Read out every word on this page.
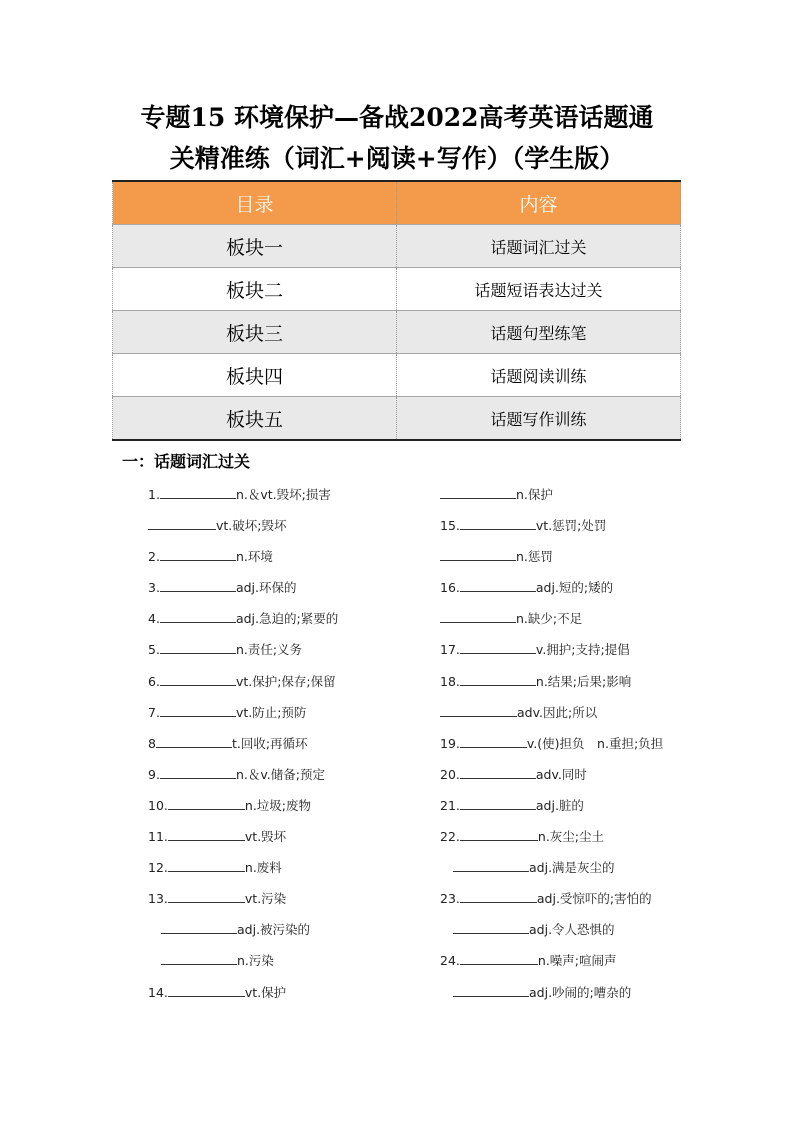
专题15 环境保护—备战2022高考英语话题通
关精准练（词汇+阅读+写作）（学生版）
目录	内容
板块一	话题词汇过关
板块二	话题短语表达过关
板块三	话题句型练笔
板块四	话题阅读训练
板块五	话题写作训练
一：话题词汇过关
1.	n.＆vt.毁坏;损害
vt.破坏;毁坏
2.	n.环境
3.	adj.环保的
4.	adj.急迫的;紧要的
5.	n.责任;义务
6.	vt.保护;保存;保留
7.	vt.防止;预防
8	t.回收;再循环
9.	n.＆v.储备;预定
10.	n.垃圾;废物
11.	vt.毁坏
12.	n.废料
13.	vt.污染
adj.被污染的
n.污染
14.	vt.保护
n.保护
15.	vt.惩罚;处罚
n.惩罚
16.	adj.短的;矮的
n.缺少;不足
17.	v.拥护;支持;提倡
18.	n.结果;后果;影响
adv.因此;所以
19.	v.(使)担负　n.重担;负担
20.	adv.同时
21.	adj.脏的
22.	n.灰尘;尘土
adj.满是灰尘的
23.	adj.受惊吓的;害怕的
adj.令人恐惧的
24.	n.噪声;喧闹声
adj.吵闹的;嘈杂的
